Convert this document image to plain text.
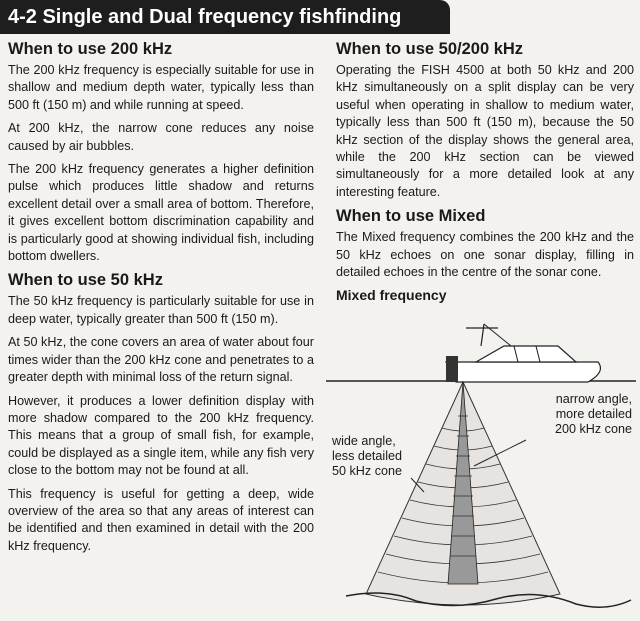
4-2 Single and Dual frequency fishfinding
When to use 200 kHz

The 200 kHz frequency is especially suitable for use in shallow and medium depth water, typically less than 500 ft (150 m) and while running at speed.

At 200 kHz, the narrow cone reduces any noise caused by air bubbles.

The 200 kHz frequency generates a higher definition pulse which produces little shadow and returns excellent detail over a small area of bottom. Therefore, it gives excellent bottom discrimination capability and is particularly good at showing individual fish, including bottom dwellers.

When to use 50 kHz

The 50 kHz frequency is particularly suitable for use in deep water, typically greater than 500 ft (150 m).

At 50 kHz, the cone covers an area of water about four times wider than the 200 kHz cone and penetrates to a greater depth with minimal loss of the return signal.

However, it produces a lower definition display with more shadow compared to the 200 kHz frequency. This means that a group of small fish, for example, could be displayed as a single item, while any fish very close to the bottom may not be found at all.

This frequency is useful for getting a deep, wide overview of the area so that any areas of interest can be identified and then examined in detail with the 200 kHz frequency.

When to use 50/200 kHz

Operating the FISH 4500 at both 50 kHz and 200 kHz simultaneously on a split display can be very useful when operating in shallow to medium water, typically less than 500 ft (150 m), because the 50 kHz section of the display shows the general area, while the 200 kHz section can be viewed simultaneously for a more detailed look at any interesting feature.

When to use Mixed

The Mixed frequency combines the 200 kHz and the 50 kHz echoes on one sonar display, filling in detailed echoes in the centre of the sonar cone.

Mixed frequency
narrow angle,
more detailed
200 kHz cone
wide angle,
less detailed
50 kHz cone
